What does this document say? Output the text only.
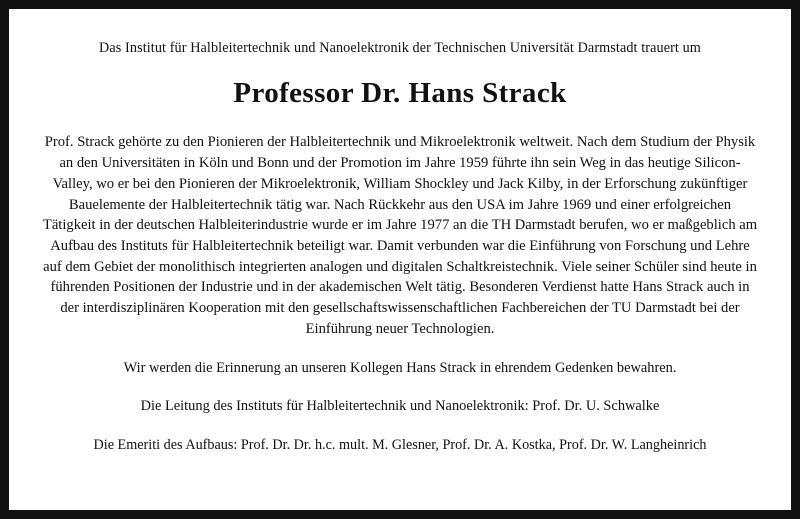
Das Institut für Halbleitertechnik und Nanoelektronik der Technischen Universität Darmstadt trauert um

Professor Dr. Hans Strack

Prof. Strack gehörte zu den Pionieren der Halbleitertechnik und Mikroelektronik weltweit. Nach dem Studium der Physik an den Universitäten in Köln und Bonn und der Promotion im Jahre 1959 führte ihn sein Weg in das heutige Silicon-Valley, wo er bei den Pionieren der Mikroelektronik, William Shockley und Jack Kilby, in der Erforschung zukünftiger Bauelemente der Halbleitertechnik tätig war. Nach Rückkehr aus den USA im Jahre 1969 und einer erfolgreichen Tätigkeit in der deutschen Halbleiterindustrie wurde er im Jahre 1977 an die TH Darmstadt berufen, wo er maßgeblich am Aufbau des Instituts für Halbleitertechnik beteiligt war. Damit verbunden war die Einführung von Forschung und Lehre auf dem Gebiet der monolithisch integrierten analogen und digitalen Schaltkreistechnik. Viele seiner Schüler sind heute in führenden Positionen der Industrie und in der akademischen Welt tätig. Besonderen Verdienst hatte Hans Strack auch in der interdisziplinären Kooperation mit den gesellschaftswissenschaftlichen Fachbereichen der TU Darmstadt bei der Einführung neuer Technologien.

Wir werden die Erinnerung an unseren Kollegen Hans Strack in ehrendem Gedenken bewahren.

Die Leitung des Instituts für Halbleitertechnik und Nanoelektronik: Prof. Dr. U. Schwalke

Die Emeriti des Aufbaus: Prof. Dr. Dr. h.c. mult. M. Glesner, Prof. Dr. A. Kostka, Prof. Dr. W. Langheinrich
